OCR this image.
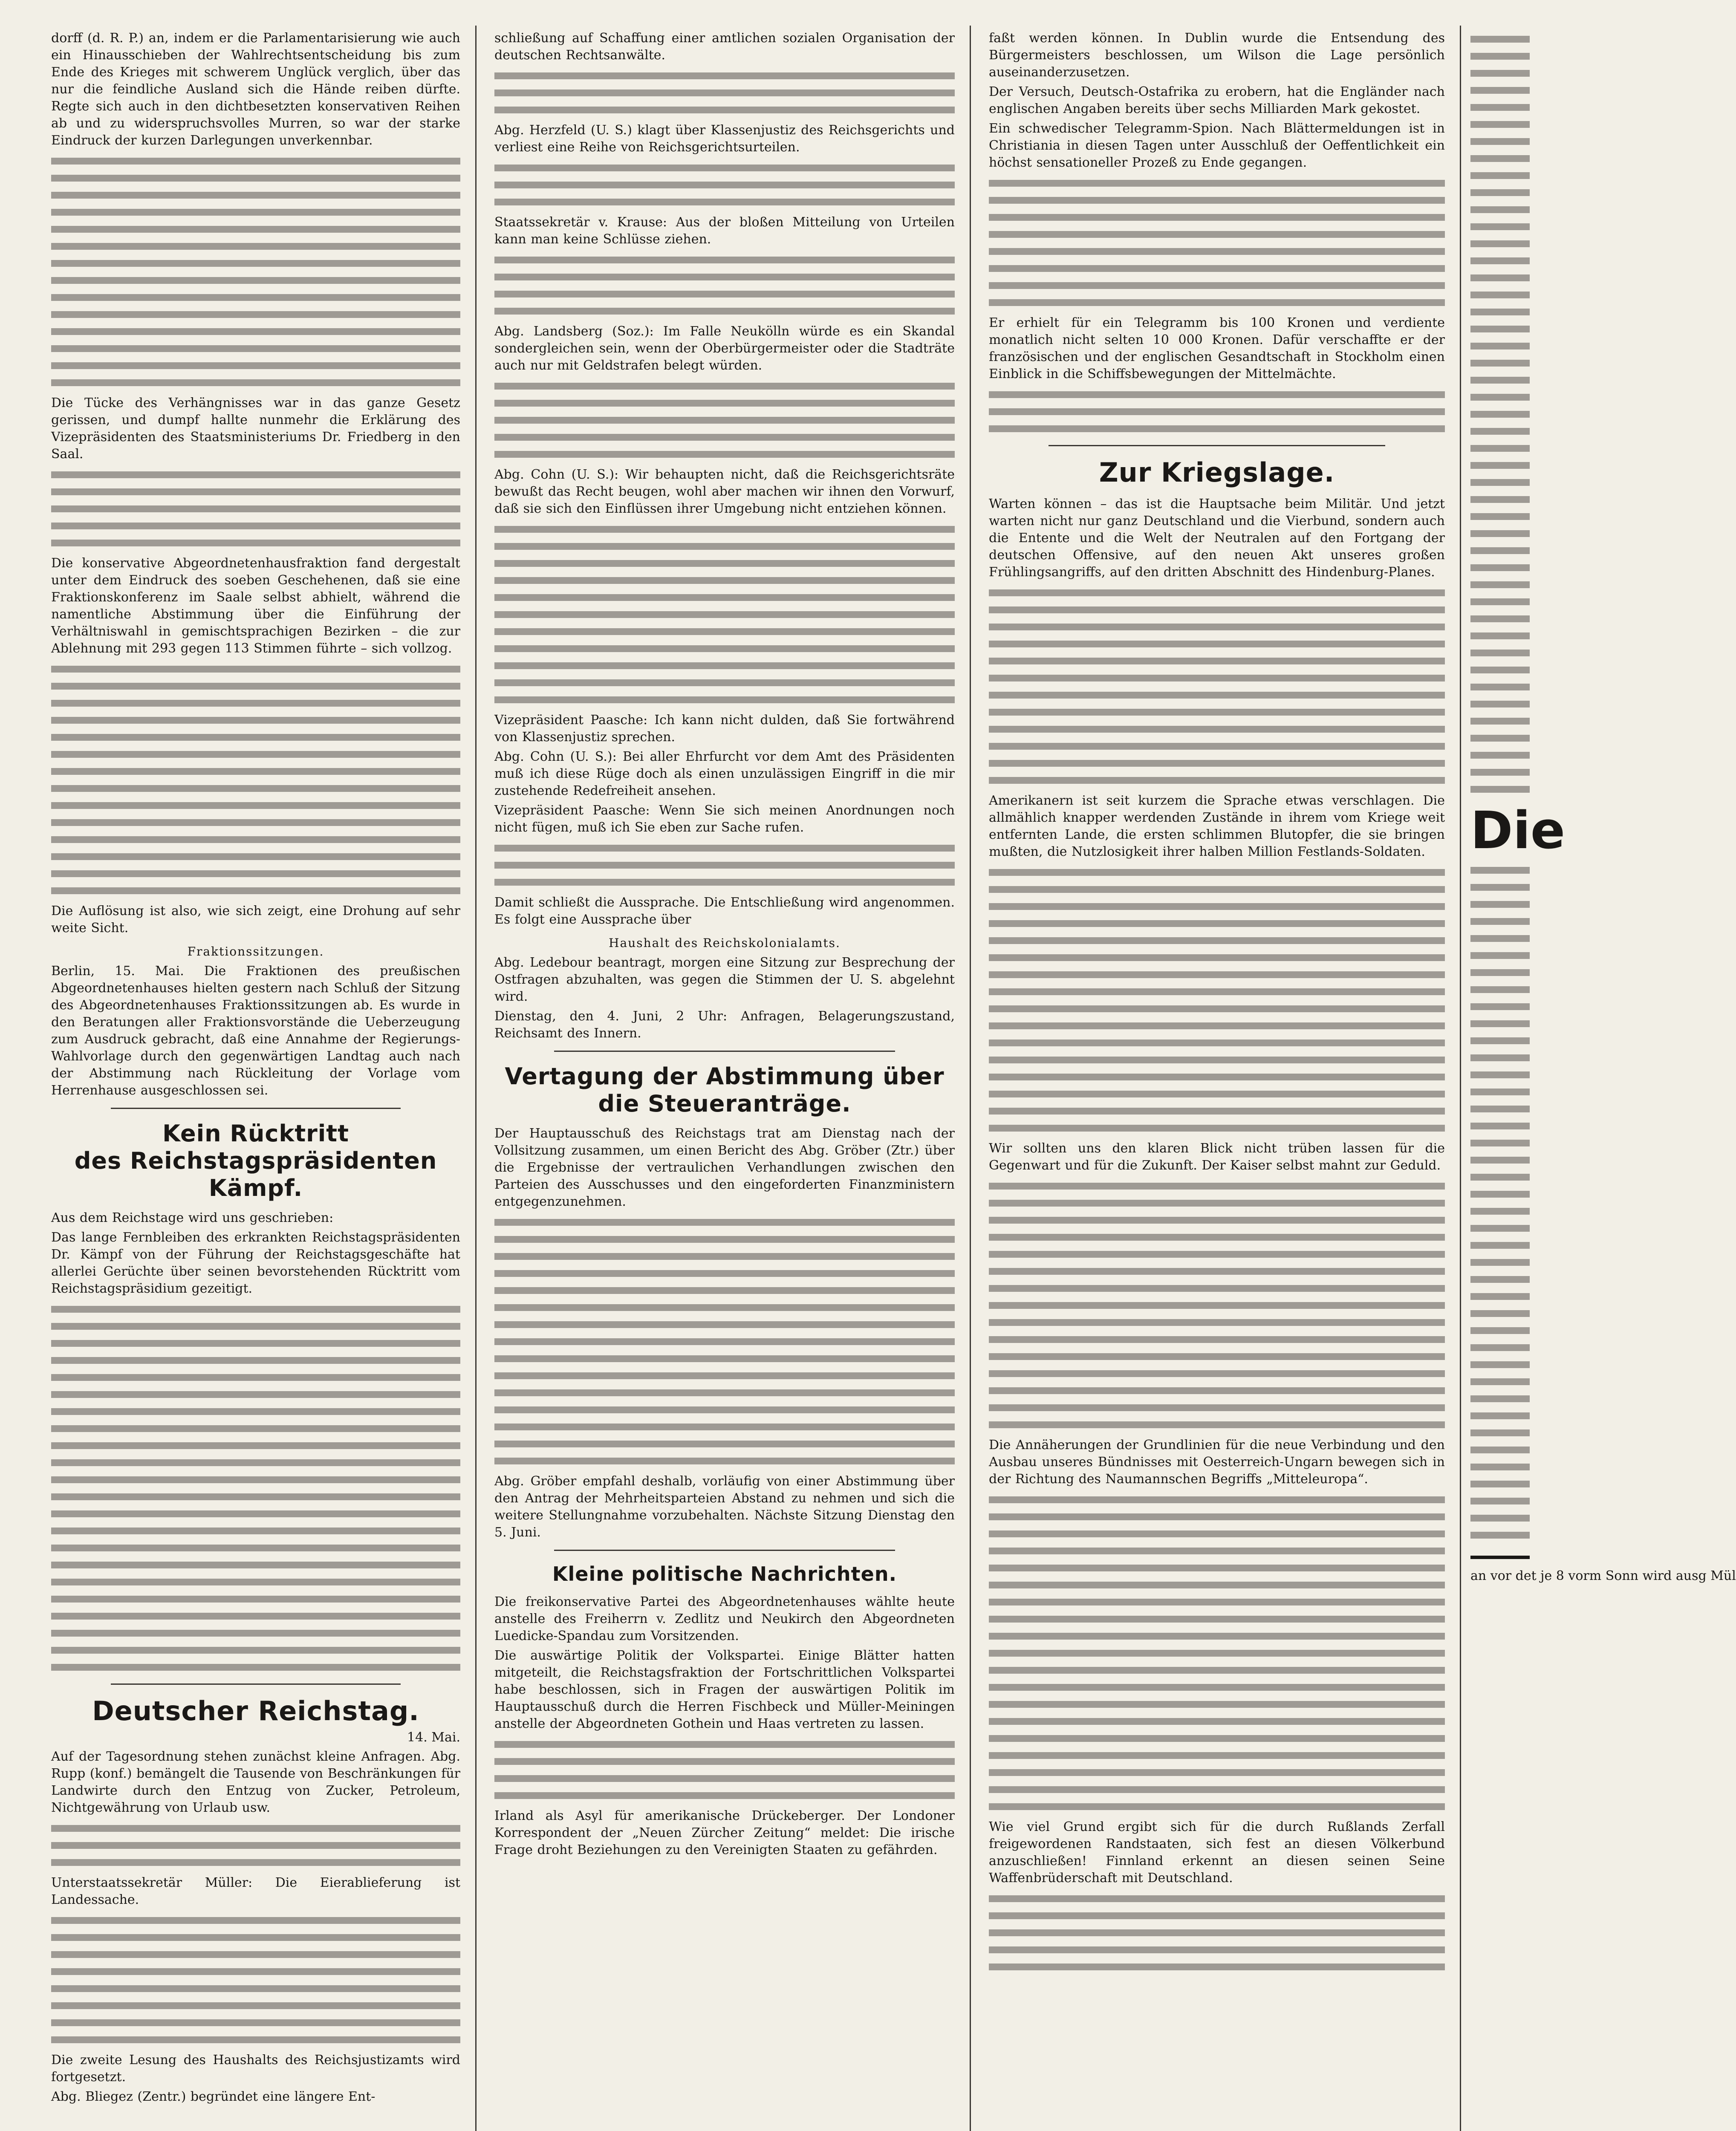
dorff (d. R. P.) an, indem er die Parlamentarisierung wie auch ein Hinausschieben der Wahlrechtsentscheidung bis zum Ende des Krieges mit schwerem Unglück verglich, über das nur die feindliche Ausland sich die Hände reiben dürfte. Regte sich auch in den dichtbesetzten konservativen Reihen ab und zu widerspruchsvolles Murren, so war der starke Eindruck der kurzen Darlegungen unverkennbar.

Die Tücke des Verhängnisses war in das ganze Gesetz gerissen, und dumpf hallte nunmehr die Erklärung des Vizepräsidenten des Staatsministeriums Dr. Friedberg in den Saal.

Die konservative Abgeordnetenhausfraktion fand dergestalt unter dem Eindruck des soeben Geschehenen, daß sie eine Fraktionskonferenz im Saale selbst abhielt, während die namentliche Abstimmung über die Einführung der Verhältniswahl in gemischtsprachigen Bezirken – die zur Ablehnung mit 293 gegen 113 Stimmen führte – sich vollzog.

Die Auflösung ist also, wie sich zeigt, eine Drohung auf sehr weite Sicht.

Fraktionssitzungen.

Berlin, 15. Mai. Die Fraktionen des preußischen Abgeordnetenhauses hielten gestern nach Schluß der Sitzung des Abgeordnetenhauses Fraktionssitzungen ab. Es wurde in den Beratungen aller Fraktionsvorstände die Ueberzeugung zum Ausdruck gebracht, daß eine Annahme der Regierungs-Wahlvorlage durch den gegenwärtigen Landtag auch nach der Abstimmung nach Rückleitung der Vorlage vom Herrenhause ausgeschlossen sei.

Kein Rücktritt
des Reichstagspräsidenten Kämpf.

Aus dem Reichstage wird uns geschrieben:

Das lange Fernbleiben des erkrankten Reichstagspräsidenten Dr. Kämpf von der Führung der Reichstagsgeschäfte hat allerlei Gerüchte über seinen bevorstehenden Rücktritt vom Reichstagspräsidium gezeitigt.

Deutscher Reichstag.
14. Mai.

Auf der Tagesordnung stehen zunächst kleine Anfragen. Abg. Rupp (konf.) bemängelt die Tausende von Beschränkungen für Landwirte durch den Entzug von Zucker, Petroleum, Nichtgewährung von Urlaub usw.

Unterstaatssekretär Müller: Die Eierablieferung ist Landessache.

Die zweite Lesung des Haushalts des Reichsjustizamts wird fortgesetzt.

Abg. Bliegez (Zentr.) begründet eine längere Ent-

schließung auf Schaffung einer amtlichen sozialen Organisation der deutschen Rechtsanwälte.

Abg. Herzfeld (U. S.) klagt über Klassenjustiz des Reichsgerichts und verliest eine Reihe von Reichsgerichtsurteilen.

Staatssekretär v. Krause: Aus der bloßen Mitteilung von Urteilen kann man keine Schlüsse ziehen.

Abg. Landsberg (Soz.): Im Falle Neukölln würde es ein Skandal sondergleichen sein, wenn der Oberbürgermeister oder die Stadträte auch nur mit Geldstrafen belegt würden.

Abg. Cohn (U. S.): Wir behaupten nicht, daß die Reichsgerichtsräte bewußt das Recht beugen, wohl aber machen wir ihnen den Vorwurf, daß sie sich den Einflüssen ihrer Umgebung nicht entziehen können.

Vizepräsident Paasche: Ich kann nicht dulden, daß Sie fortwährend von Klassenjustiz sprechen.

Abg. Cohn (U. S.): Bei aller Ehrfurcht vor dem Amt des Präsidenten muß ich diese Rüge doch als einen unzulässigen Eingriff in die mir zustehende Redefreiheit ansehen.

Vizepräsident Paasche: Wenn Sie sich meinen Anordnungen noch nicht fügen, muß ich Sie eben zur Sache rufen.

Damit schließt die Aussprache. Die Entschließung wird angenommen. Es folgt eine Aussprache über

Haushalt des Reichskolonialamts.

Abg. Ledebour beantragt, morgen eine Sitzung zur Besprechung der Ostfragen abzuhalten, was gegen die Stimmen der U. S. abgelehnt wird.

Dienstag, den 4. Juni, 2 Uhr: Anfragen, Belagerungszustand, Reichsamt des Innern.

Vertagung der Abstimmung über die Steueranträge.

Der Hauptausschuß des Reichstags trat am Dienstag nach der Vollsitzung zusammen, um einen Bericht des Abg. Gröber (Ztr.) über die Ergebnisse der vertraulichen Verhandlungen zwischen den Parteien des Ausschusses und den eingeforderten Finanzministern entgegenzunehmen.

Abg. Gröber empfahl deshalb, vorläufig von einer Abstimmung über den Antrag der Mehrheitsparteien Abstand zu nehmen und sich die weitere Stellungnahme vorzubehalten. Nächste Sitzung Dienstag den 5. Juni.

Kleine politische Nachrichten.

Die freikonservative Partei des Abgeordnetenhauses wählte heute anstelle des Freiherrn v. Zedlitz und Neukirch den Abgeordneten Luedicke-Spandau zum Vorsitzenden.

Die auswärtige Politik der Volkspartei. Einige Blätter hatten mitgeteilt, die Reichstagsfraktion der Fortschrittlichen Volkspartei habe beschlossen, sich in Fragen der auswärtigen Politik im Hauptausschuß durch die Herren Fischbeck und Müller-Meiningen anstelle der Abgeordneten Gothein und Haas vertreten zu lassen.

Irland als Asyl für amerikanische Drückeberger. Der Londoner Korrespondent der „Neuen Zürcher Zeitung“ meldet: Die irische Frage droht Beziehungen zu den Vereinigten Staaten zu gefährden.

faßt werden können. In Dublin wurde die Entsendung des Bürgermeisters beschlossen, um Wilson die Lage persönlich auseinanderzusetzen.

Der Versuch, Deutsch-Ostafrika zu erobern, hat die Engländer nach englischen Angaben bereits über sechs Milliarden Mark gekostet.

Ein schwedischer Telegramm-Spion. Nach Blättermeldungen ist in Christiania in diesen Tagen unter Ausschluß der Oeffentlichkeit ein höchst sensationeller Prozeß zu Ende gegangen.

Er erhielt für ein Telegramm bis 100 Kronen und verdiente monatlich nicht selten 10 000 Kronen. Dafür verschaffte er der französischen und der englischen Gesandtschaft in Stockholm einen Einblick in die Schiffsbewegungen der Mittelmächte.

Zur Kriegslage.

Warten können – das ist die Hauptsache beim Militär. Und jetzt warten nicht nur ganz Deutschland und die Vierbund, sondern auch die Entente und die Welt der Neutralen auf den Fortgang der deutschen Offensive, auf den neuen Akt unseres großen Frühlingsangriffs, auf den dritten Abschnitt des Hindenburg-Planes.

Amerikanern ist seit kurzem die Sprache etwas verschlagen. Die allmählich knapper werdenden Zustände in ihrem vom Kriege weit entfernten Lande, die ersten schlimmen Blutopfer, die sie bringen mußten, die Nutzlosigkeit ihrer halben Million Festlands-Soldaten.

Wir sollten uns den klaren Blick nicht trüben lassen für die Gegenwart und für die Zukunft. Der Kaiser selbst mahnt zur Geduld.

Die Annäherungen der Grundlinien für die neue Verbindung und den Ausbau unseres Bündnisses mit Oesterreich-Ungarn bewegen sich in der Richtung des Naumannschen Begriffs „Mitteleuropa“.

Wie viel Grund ergibt sich für die durch Rußlands Zerfall freigewordenen Randstaaten, sich fest an diesen Völkerbund anzuschließen! Finnland erkennt an diesen seinen Seine Waffenbrüderschaft mit Deutschland.

Die
an vor det je 8 vorm Sonn wird ausg Mül
